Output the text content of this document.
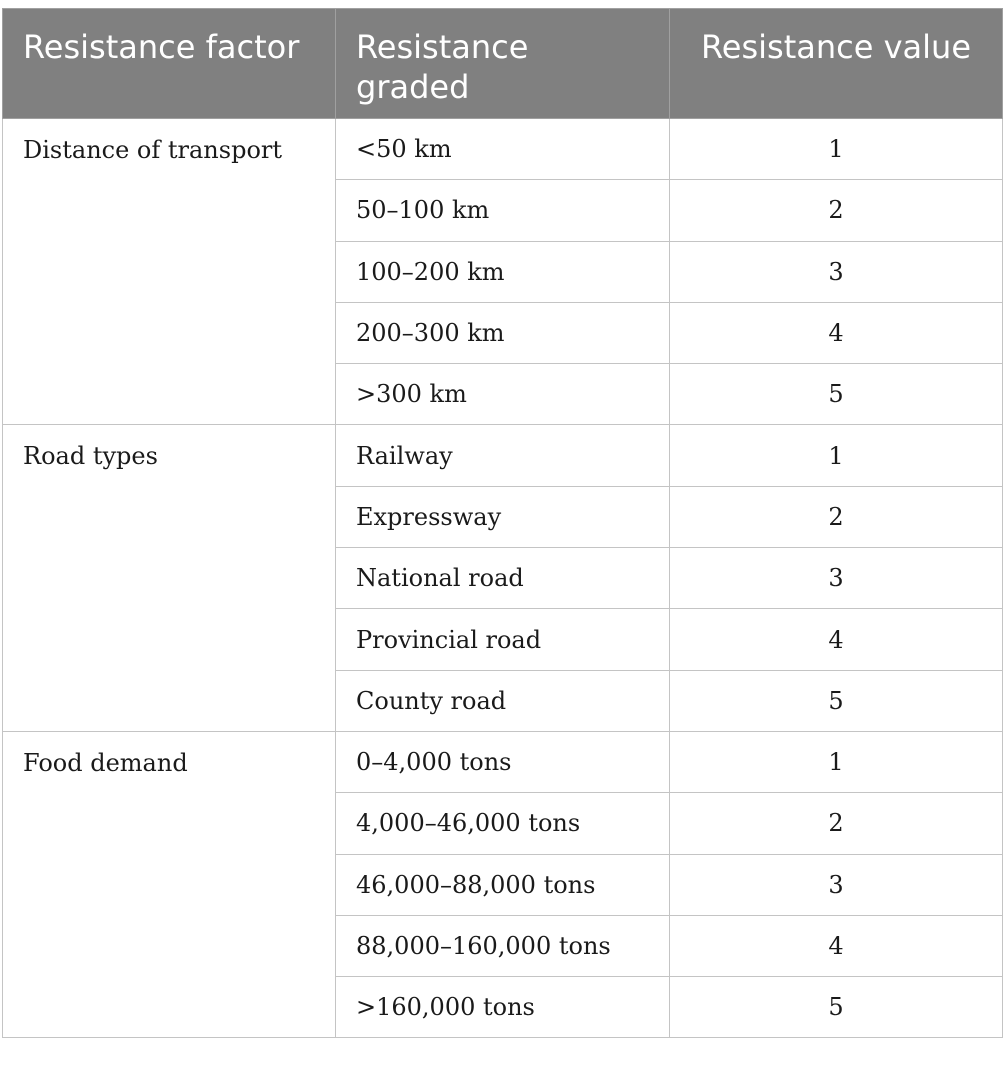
Resistance factor	Resistance graded	Resistance value
Distance of transport	<50 km	1
	50–100 km	2
	100–200 km	3
	200–300 km	4
	>300 km	5
Road types	Railway	1
	Expressway	2
	National road	3
	Provincial road	4
	County road	5
Food demand	0–4,000 tons	1
	4,000–46,000 tons	2
	46,000–88,000 tons	3
	88,000–160,000 tons	4
	>160,000 tons	5
